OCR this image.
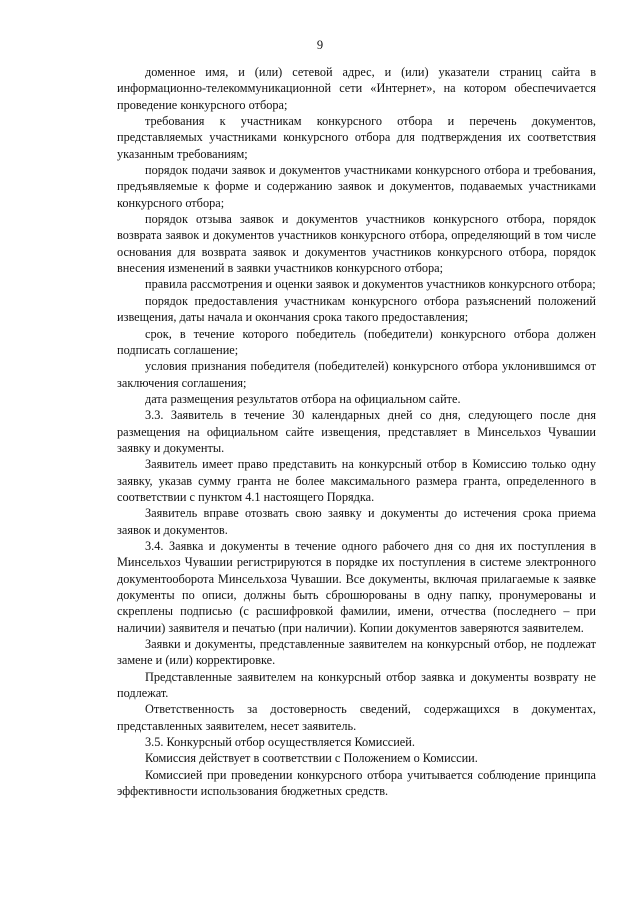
9

доменное имя, и (или) сетевой адрес, и (или) указатели страниц сайта в информационно-телекоммуникационной сети «Интернет», на котором обеспечиvается проведение конкурсного отбора;

требования к участникам конкурсного отбора и перечень документов, представляемых участниками конкурсного отбора для подтверждения их соответствия указанным требованиям;

порядок подачи заявок и документов участниками конкурсного отбора и требования, предъявляемые к форме и содержанию заявок и документов, подаваемых участниками конкурсного отбора;

порядок отзыва заявок и документов участников конкурсного отбора, порядок возврата заявок и документов участников конкурсного отбора, определяющий в том числе основания для возврата заявок и документов участников конкурсного отбора, порядок внесения изменений в заявки участников конкурсного отбора;

правила рассмотрения и оценки заявок и документов участников конкурсного отбора;

порядок предоставления участникам конкурсного отбора разъяснений положений извещения, даты начала и окончания срока такого предоставления;

срок, в течение которого победитель (победители) конкурсного отбора должен подписать соглашение;

условия признания победителя (победителей) конкурсного отбора уклонившимся от заключения соглашения;

дата размещения результатов отбора на официальном сайте.

3.3. Заявитель в течение 30 календарных дней со дня, следующего после дня размещения на официальном сайте извещения, представляет в Минсельхоз Чувашии заявку и документы.

Заявитель имеет право представить на конкурсный отбор в Комиссию только одну заявку, указав сумму гранта не более максимального размера гранта, определенного в соответствии с пунктом 4.1 настоящего Порядка.

Заявитель вправе отозвать свою заявку и документы до истечения срока приема заявок и документов.

3.4. Заявка и документы в течение одного рабочего дня со дня их поступления в Минсельхоз Чувашии регистрируются в порядке их поступления в системе электронного документооборота Минсельхоза Чувашии. Все документы, включая прилагаемые к заявке документы по описи, должны быть сброшюрованы в одну папку, пронумерованы и скреплены подписью (с расшифровкой фамилии, имени, отчества (последнего – при наличии) заявителя и печатью (при наличии). Копии документов заверяются заявителем.

Заявки и документы, представленные заявителем на конкурсный отбор, не подлежат замене и (или) корректировке.

Представленные заявителем на конкурсный отбор заявка и документы возврату не подлежат.

Ответственность за достоверность сведений, содержащихся в документах, представленных заявителем, несет заявитель.

3.5. Конкурсный отбор осуществляется Комиссией.

Комиссия действует в соответствии с Положением о Комиссии.

Комиссией при проведении конкурсного отбора учитывается соблюдение принципа эффективности использования бюджетных средств.
